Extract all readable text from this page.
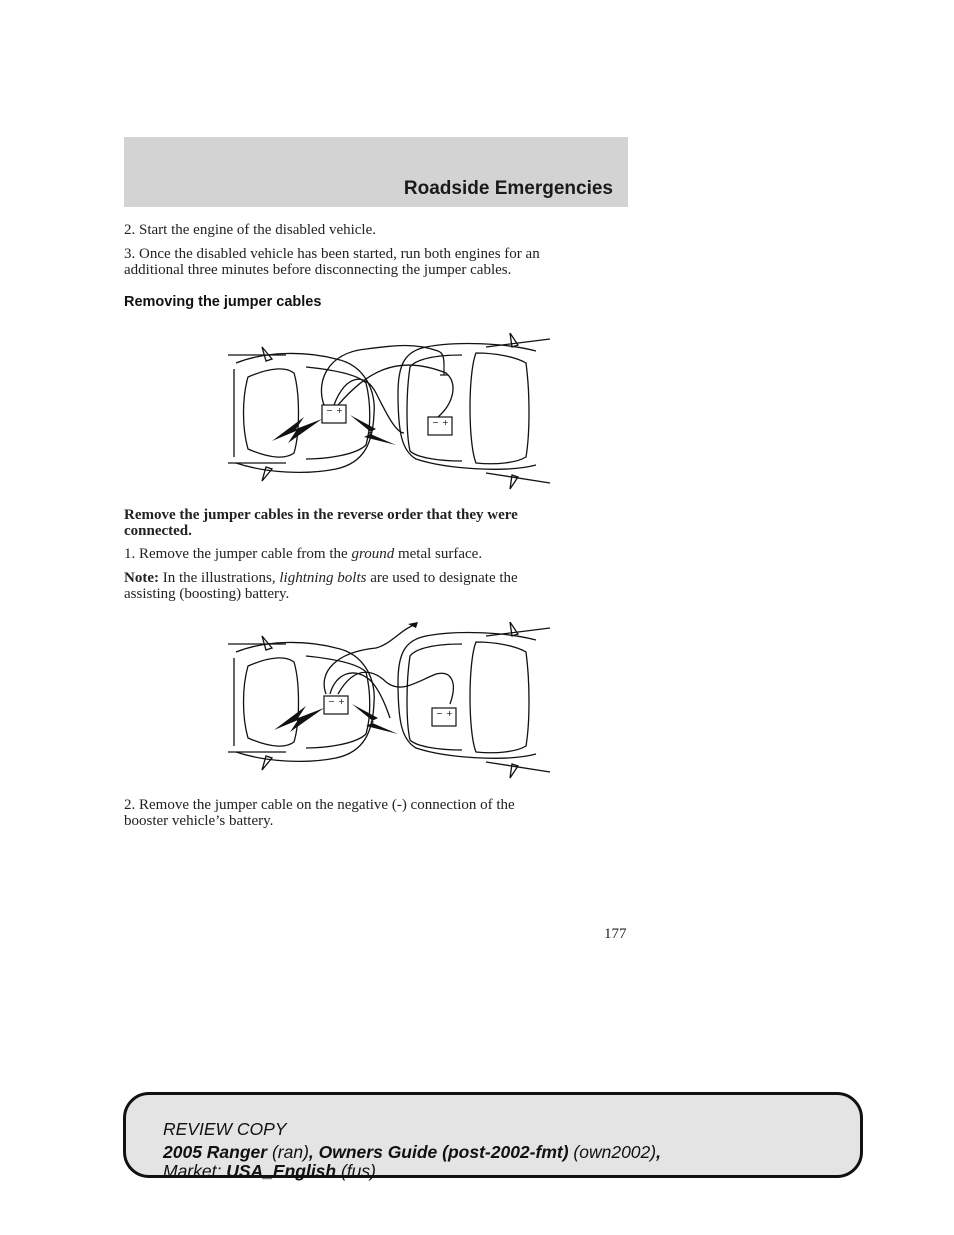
Roadside Emergencies
2. Start the engine of the disabled vehicle.
3. Once the disabled vehicle has been started, run both engines for an
additional three minutes before disconnecting the jumper cables.
Removing the jumper cables
− +
− +
Remove the jumper cables in the reverse order that they were
connected.
1. Remove the jumper cable from the ground metal surface.
Note: In the illustrations, lightning bolts are used to designate the
assisting (boosting) battery.
− +
− +
2. Remove the jumper cable on the negative (-) connection of the
booster vehicle’s battery.
177
REVIEW COPY
2005 Ranger (ran), Owners Guide (post-2002-fmt) (own2002),
Market: USA_English (fus)
